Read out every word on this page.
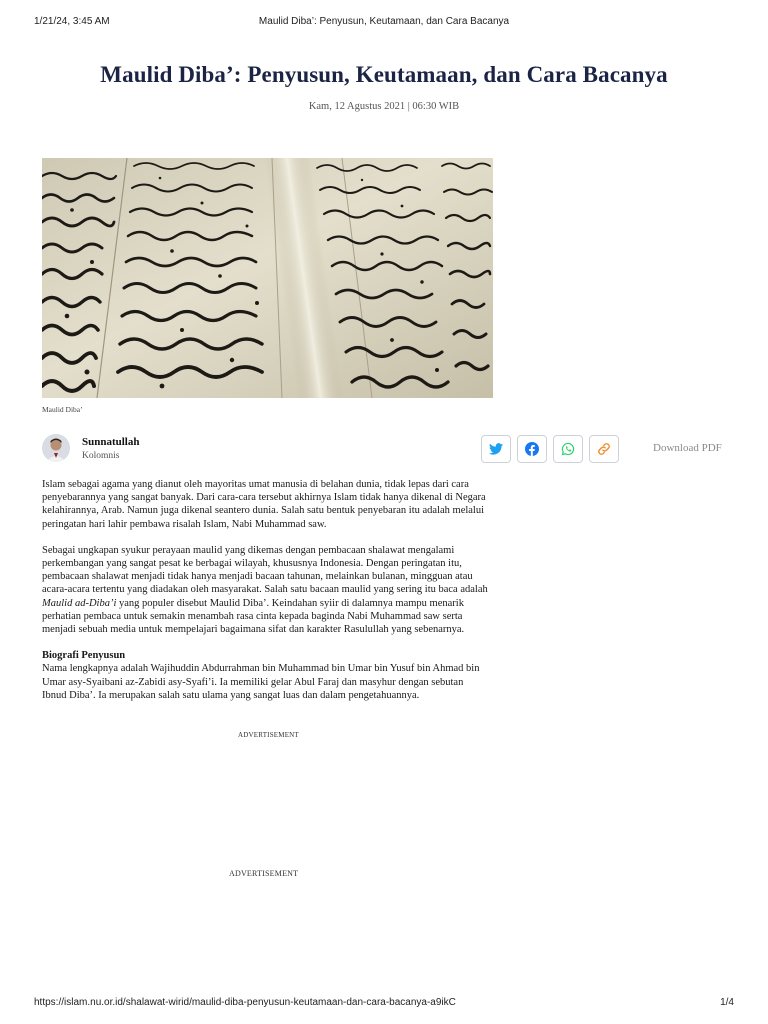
1/21/24, 3:45 AM	Maulid Diba’: Penyusun, Keutamaan, dan Cara Bacanya
Maulid Diba’: Penyusun, Keutamaan, dan Cara Bacanya
Kam, 12 Agustus 2021 | 06:30 WIB
Maulid Diba’
Sunnatullah
Kolomnis
Download PDF

Islam sebagai agama yang dianut oleh mayoritas umat manusia di belahan dunia, tidak lepas dari cara penyebarannya yang sangat banyak. Dari cara-cara tersebut akhirnya Islam tidak hanya dikenal di Negara kelahirannya, Arab. Namun juga dikenal seantero dunia. Salah satu bentuk penyebaran itu adalah melalui peringatan hari lahir pembawa risalah Islam, Nabi Muhammad saw.

Sebagai ungkapan syukur perayaan maulid yang dikemas dengan pembacaan shalawat mengalami perkembangan yang sangat pesat ke berbagai wilayah, khususnya Indonesia. Dengan peringatan itu, pembacaan shalawat menjadi tidak hanya menjadi bacaan tahunan, melainkan bulanan, mingguan atau acara-acara tertentu yang diadakan oleh masyarakat. Salah satu bacaan maulid yang sering itu baca adalah Maulid ad-Diba’i yang populer disebut Maulid Diba’. Keindahan syiir di dalamnya mampu menarik perhatian pembaca untuk semakin menambah rasa cinta kepada baginda Nabi Muhammad saw serta menjadi sebuah media untuk mempelajari bagaimana sifat dan karakter Rasulullah yang sebenarnya.

Biografi Penyusun

Nama lengkapnya adalah Wajihuddin Abdurrahman bin Muhammad bin Umar bin Yusuf bin Ahmad bin Umar asy-Syaibani az-Zabidi asy-Syafi’i. Ia memiliki gelar Abul Faraj dan masyhur dengan sebutan Ibnud Diba’. Ia merupakan salah satu ulama yang sangat luas dan dalam pengetahuannya.

ADVERTISEMENT
ADVERTISEMENT
https://islam.nu.or.id/shalawat-wirid/maulid-diba-penyusun-keutamaan-dan-cara-bacanya-a9ikC	1/4
